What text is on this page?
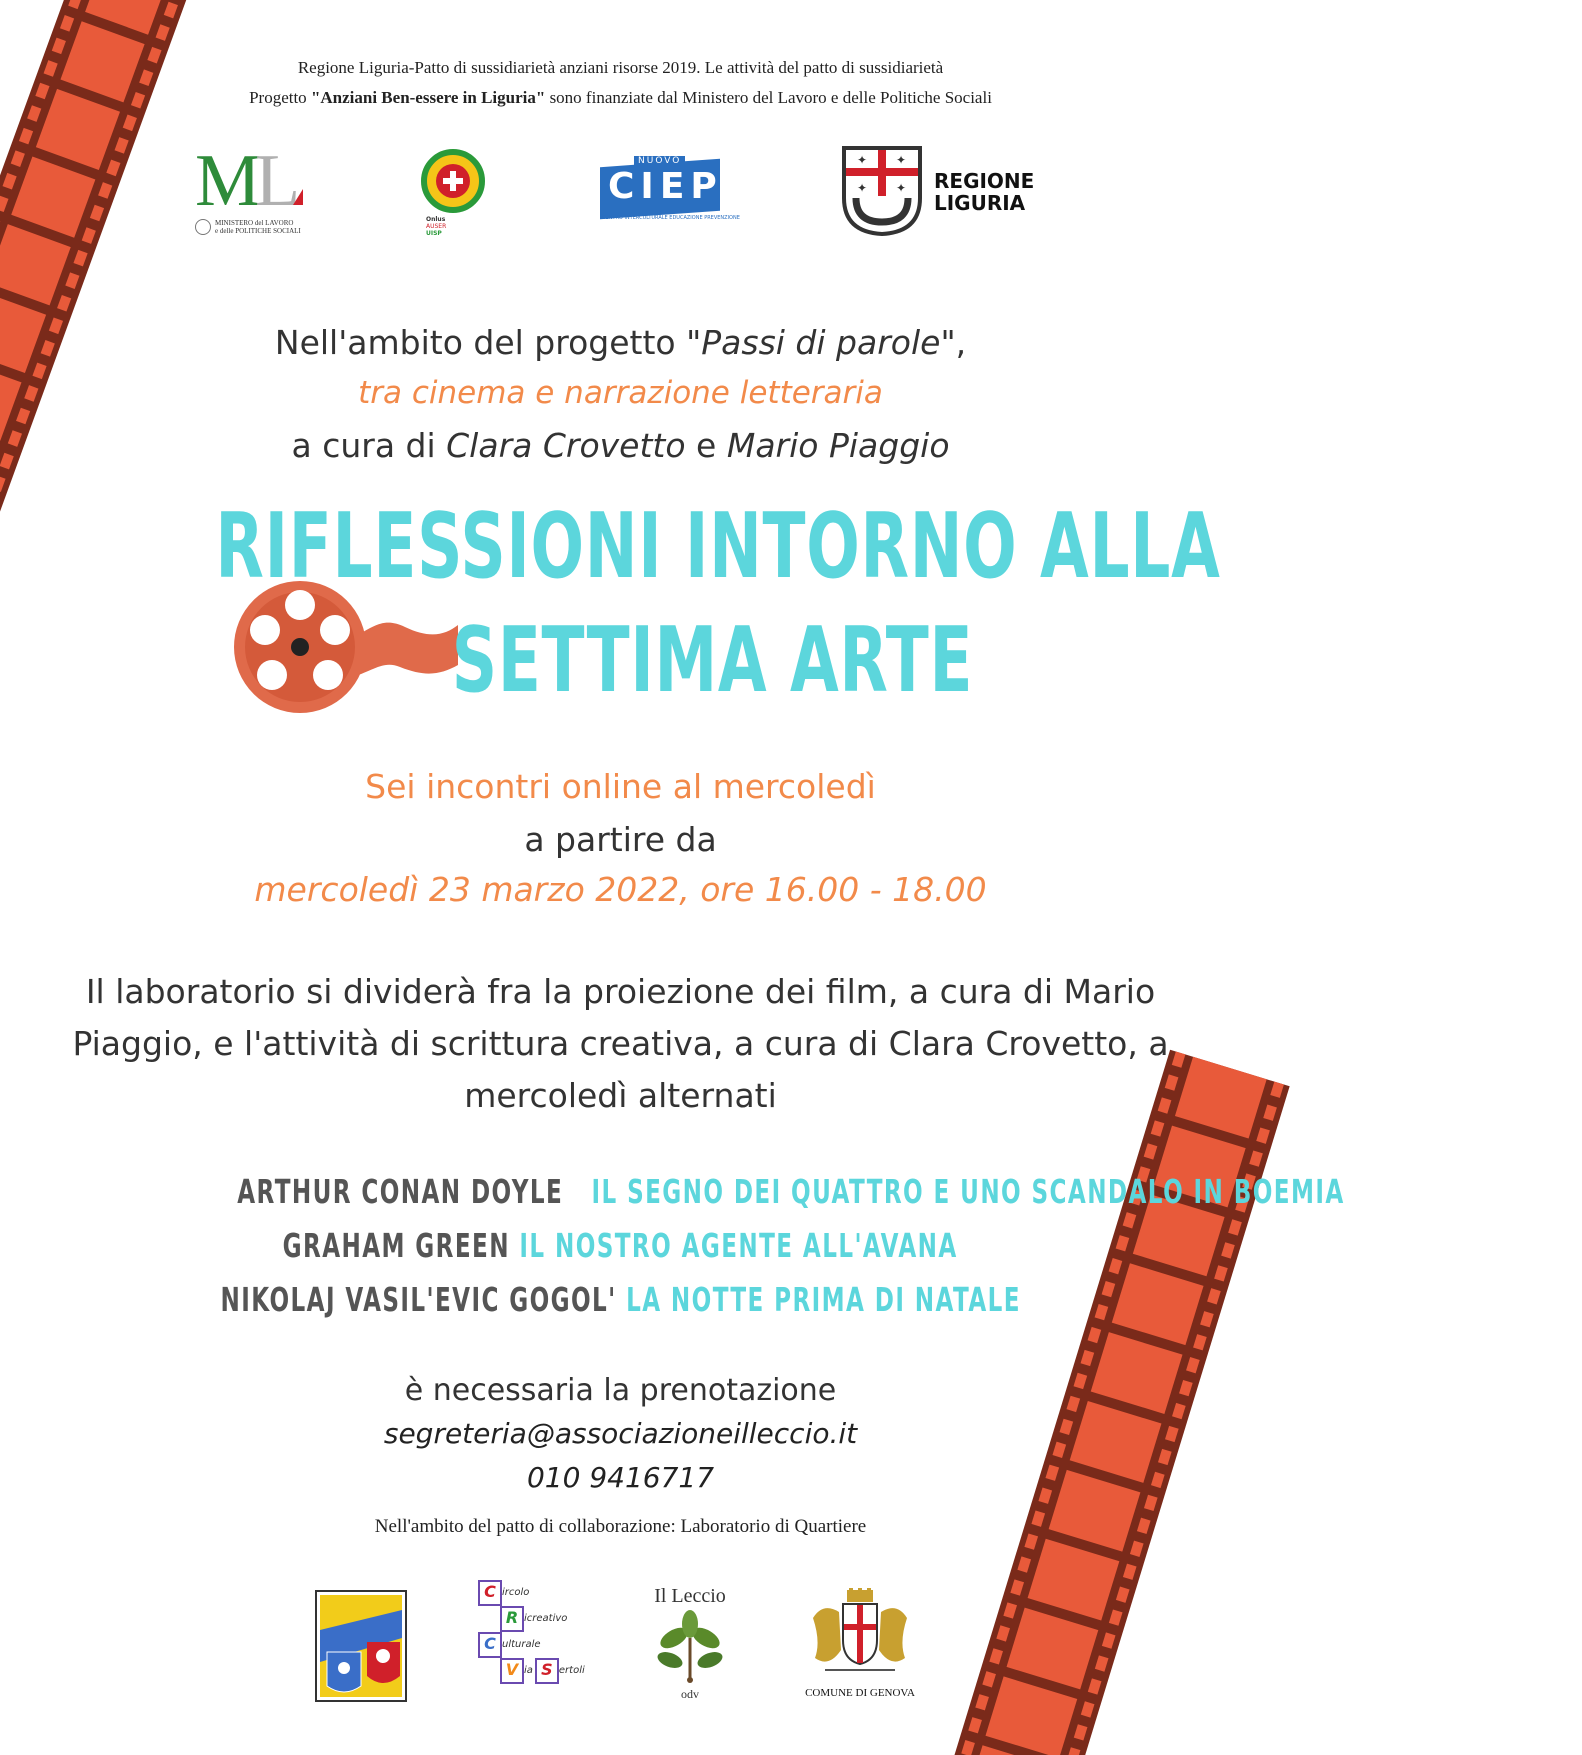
Regione Liguria-Patto di sussidiarietà anziani risorse 2019. Le attività del patto di sussidiarietà
Progetto "Anziani Ben-essere in Liguria" sono finanziate dal Ministero del Lavoro e delle Politiche Sociali
M
L
MINISTERO del LAVORO
e delle POLITICHE SOCIALI
Onlus
AUSER
UISP
NUOVO
CIEP
CENTRO INTERCULTURALE EDUCAZIONE PREVENZIONE
✦ ✦
✦ ✦ REGIONE
LIGURIA
Nell'ambito del progetto "Passi di parole",
tra cinema e narrazione letteraria
a cura di Clara Crovetto e Mario Piaggio
RIFLESSIONI INTORNO ALLA
SETTIMA ARTE
Sei incontri online al mercoledì
a partire da
mercoledì 23 marzo 2022, ore 16.00 - 18.00
Il laboratorio si dividerà fra la proiezione dei film, a cura di Mario
Piaggio, e l'attività di scrittura creativa, a cura di Clara Crovetto, a
mercoledì alternati
ARTHUR CONAN DOYLE IL SEGNO DEI QUATTRO E UNO SCANDALO IN BOEMIA
GRAHAM GREEN IL NOSTRO AGENTE ALL'AVANA
NIKOLAJ VASIL'EVIC GOGOL' LA NOTTE PRIMA DI NATALE
è necessaria la prenotazione
segreteria@associazioneilleccio.it
010 9416717
Nell'ambito del patto di collaborazione: Laboratorio di Quartiere
C ircolo
R icreativo
C ulturale
V ia S ertoli
Il Leccio
odv	COMUNE DI GENOVA
